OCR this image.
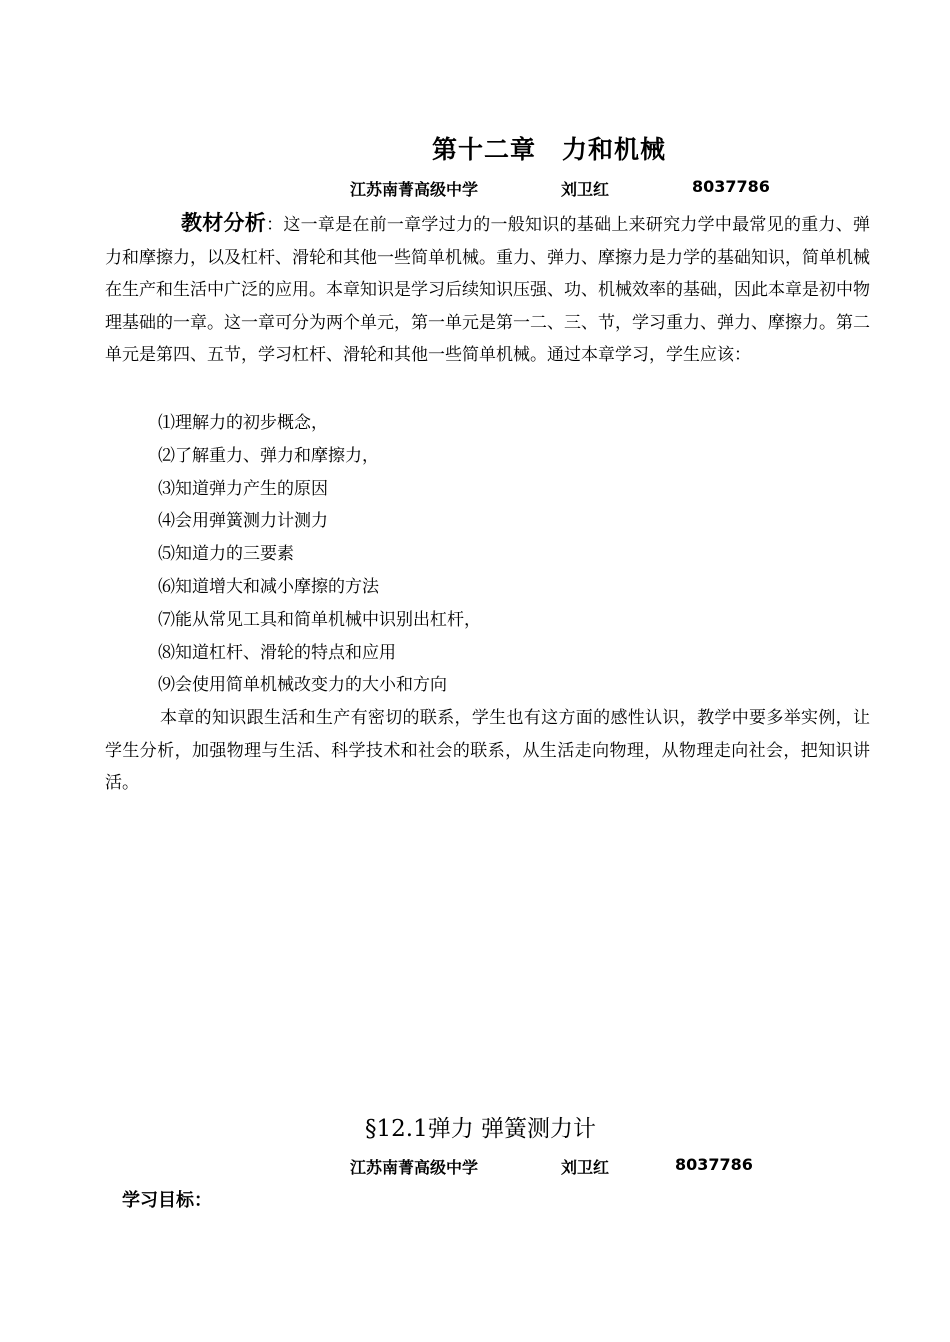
第十二章　力和机械
江苏南菁高级中学	刘卫红	8037786
教材分析：这一章是在前一章学过力的一般知识的基础上来研究力学中最常见的重力、弹力和摩擦力，以及杠杆、滑轮和其他一些简单机械。重力、弹力、摩擦力是力学的基础知识，简单机械在生产和生活中广泛的应用。本章知识是学习后续知识压强、功、机械效率的基础，因此本章是初中物理基础的一章。这一章可分为两个单元，第一单元是第一二、三、节，学习重力、弹力、摩擦力。第二单元是第四、五节，学习杠杆、滑轮和其他一些简单机械。通过本章学习，学生应该：
⑴理解力的初步概念，
⑵了解重力、弹力和摩擦力，
⑶知道弹力产生的原因
⑷会用弹簧测力计测力
⑸知道力的三要素
⑹知道增大和减小摩擦的方法
⑺能从常见工具和简单机械中识别出杠杆，
⑻知道杠杆、滑轮的特点和应用
⑼会使用简单机械改变力的大小和方向
本章的知识跟生活和生产有密切的联系，学生也有这方面的感性认识，教学中要多举实例，让学生分析，加强物理与生活、科学技术和社会的联系，从生活走向物理，从物理走向社会，把知识讲活。
§12.1弹力 弹簧测力计
江苏南菁高级中学	刘卫红	8037786
学习目标：
